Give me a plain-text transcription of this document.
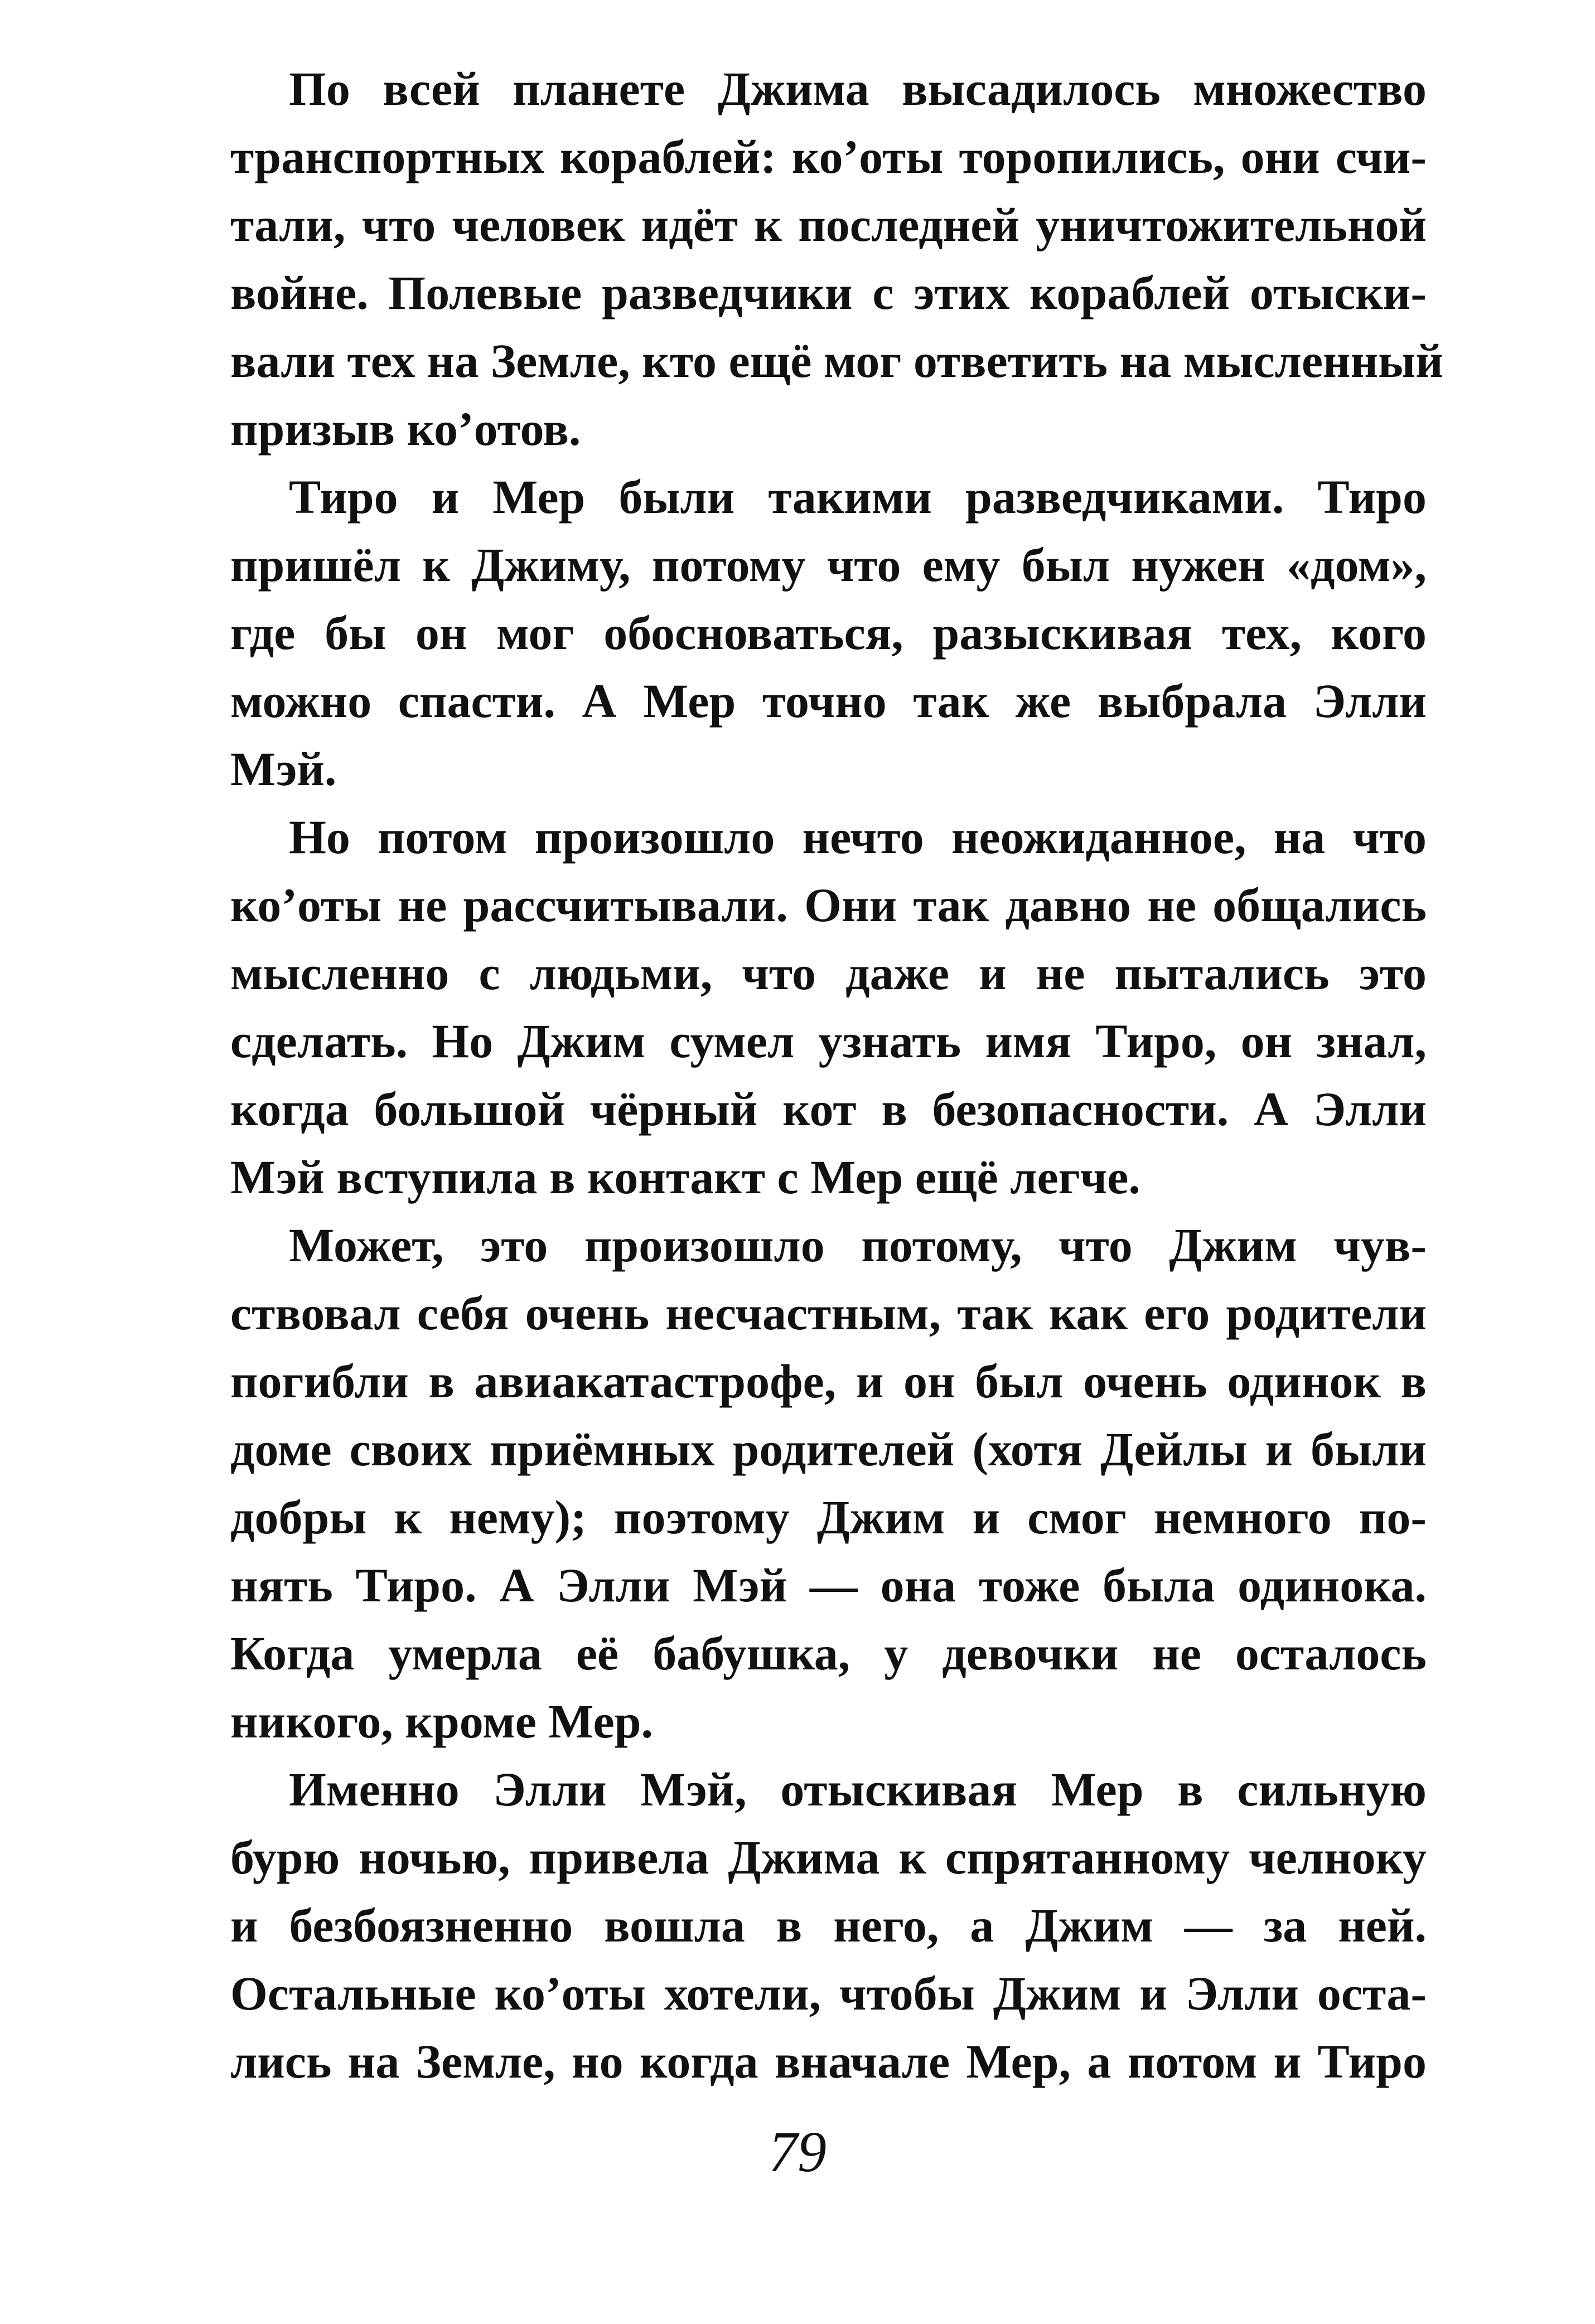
По всей планете Джима высадилось множество
транспортных кораблей: ко’оты торопились, они счи-
тали, что человек идёт к последней уничтожительной
войне. Полевые разведчики с этих кораблей отыски-
вали тех на Земле, кто ещё мог ответить на мысленный
призыв ко’отов.
Тиро и Мер были такими разведчиками. Тиро
пришёл к Джиму, потому что ему был нужен «дом»,
где бы он мог обосноваться, разыскивая тех, кого
можно спасти. А Мер точно так же выбрала Элли
Мэй.
Но потом произошло нечто неожиданное, на что
ко’оты не рассчитывали. Они так давно не общались
мысленно с людьми, что даже и не пытались это
сделать. Но Джим сумел узнать имя Тиро, он знал,
когда большой чёрный кот в безопасности. А Элли
Мэй вступила в контакт с Мер ещё легче.
Может, это произошло потому, что Джим чув-
ствовал себя очень несчастным, так как его родители
погибли в авиакатастрофе, и он был очень одинок в
доме своих приёмных родителей (хотя Дейлы и были
добры к нему); поэтому Джим и смог немного по-
нять Тиро. А Элли Мэй — она тоже была одинока.
Когда умерла её бабушка, у девочки не осталось
никого, кроме Мер.
Именно Элли Мэй, отыскивая Мер в сильную
бурю ночью, привела Джима к спрятанному челноку
и безбоязненно вошла в него, а Джим — за ней.
Остальные ко’оты хотели, чтобы Джим и Элли оста-
лись на Земле, но когда вначале Мер, а потом и Тиро
79
